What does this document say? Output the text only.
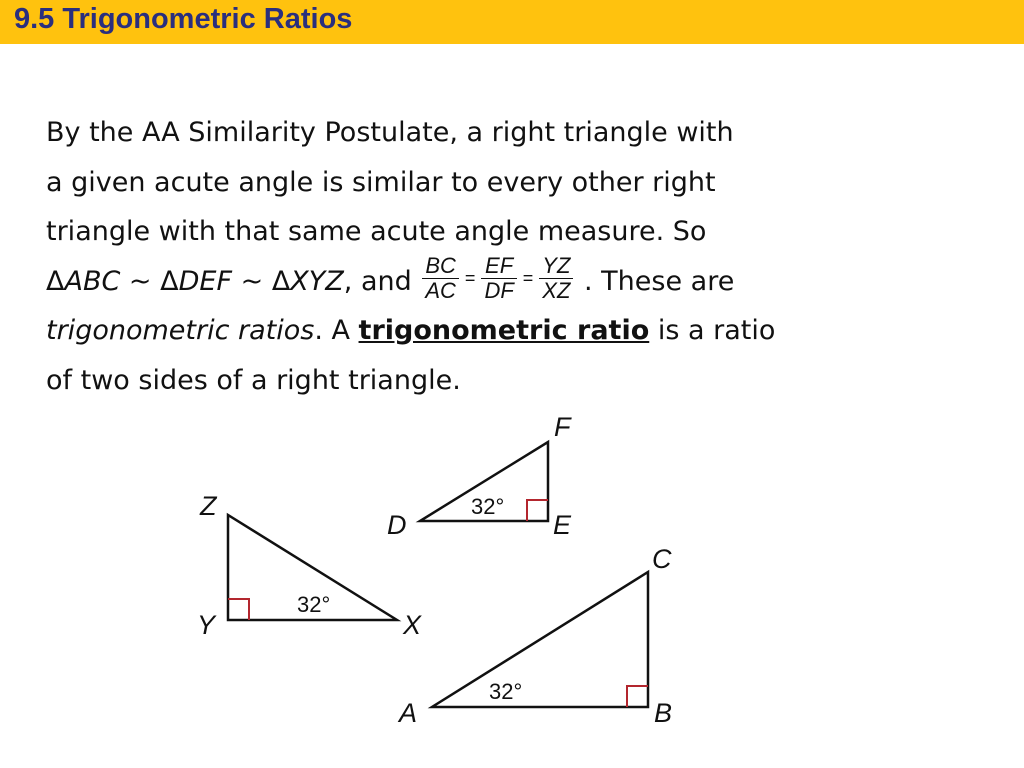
9.5 Trigonometric Ratios
By the AA Similarity Postulate, a right triangle with
a given acute angle is similar to every other right
triangle with that same acute angle measure. So
ΔABC ~ ΔDEF ~ ΔXYZ, and $\frac{BC}{AC} = \frac{EF}{DF} = \frac{YZ}{XZ}$ . These are
trigonometric ratios. A trigonometric ratio is a ratio
of two sides of a right triangle.
D	E
F
32°
Y	X
Z
32°
A	B
C
32°
